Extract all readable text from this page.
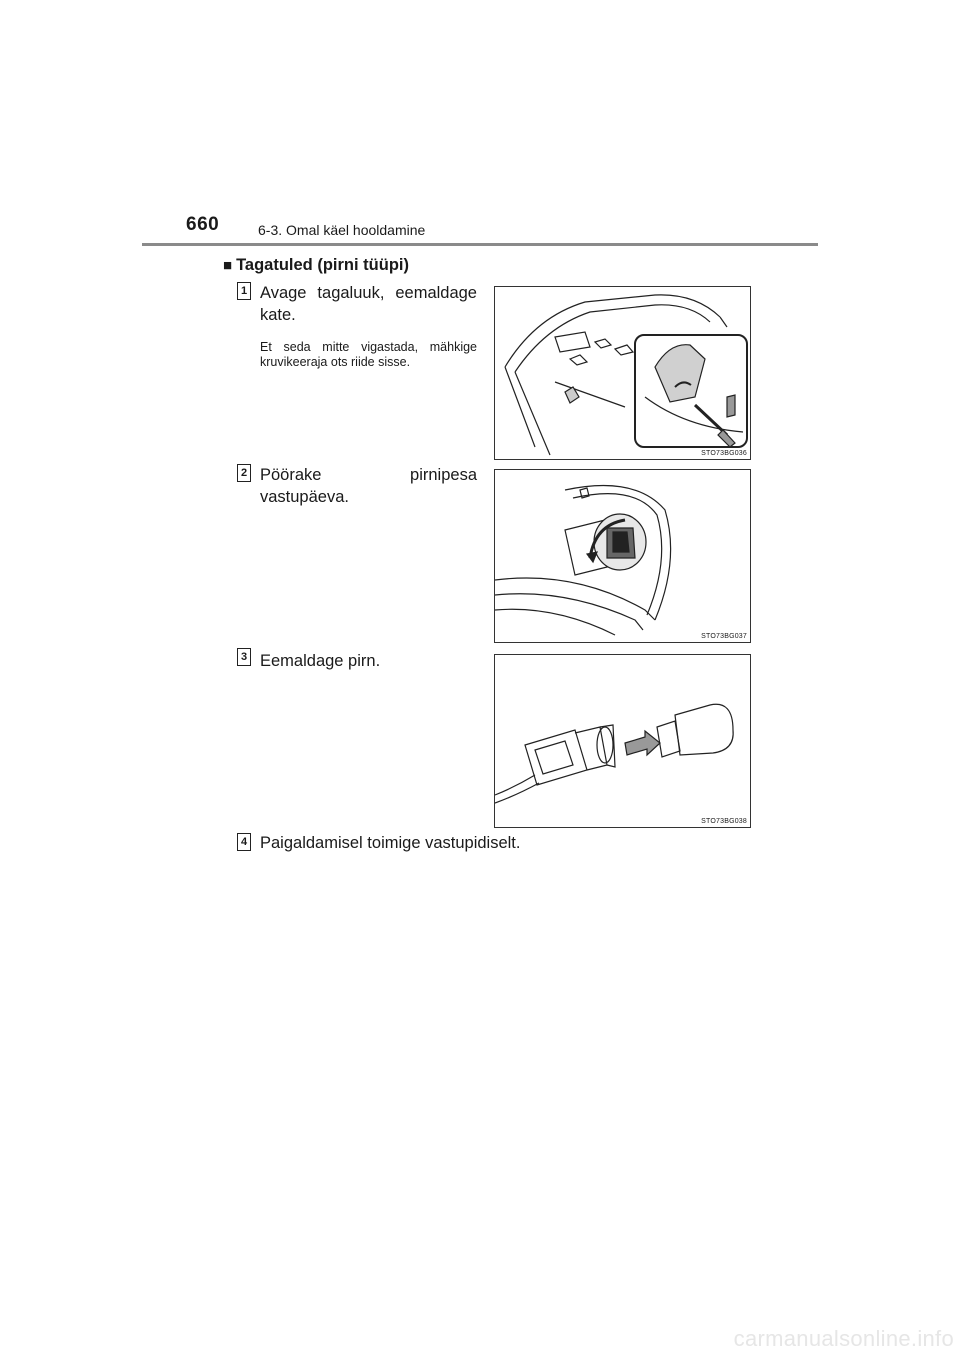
660	6-3. Omal käel hooldamine
■ Tagatuled (pirni tüüpi)
1 Avage tagaluuk, eemaldage kate.
Et seda mitte vigastada, mähkige kruvikeeraja ots riide sisse.
STO73BG036
2 Pöörake pirnipesa vastupäeva.
STO73BG037
3 Eemaldage pirn.
STO73BG038
4 Paigaldamisel toimige vastupidiselt.
carmanualsonline.info
